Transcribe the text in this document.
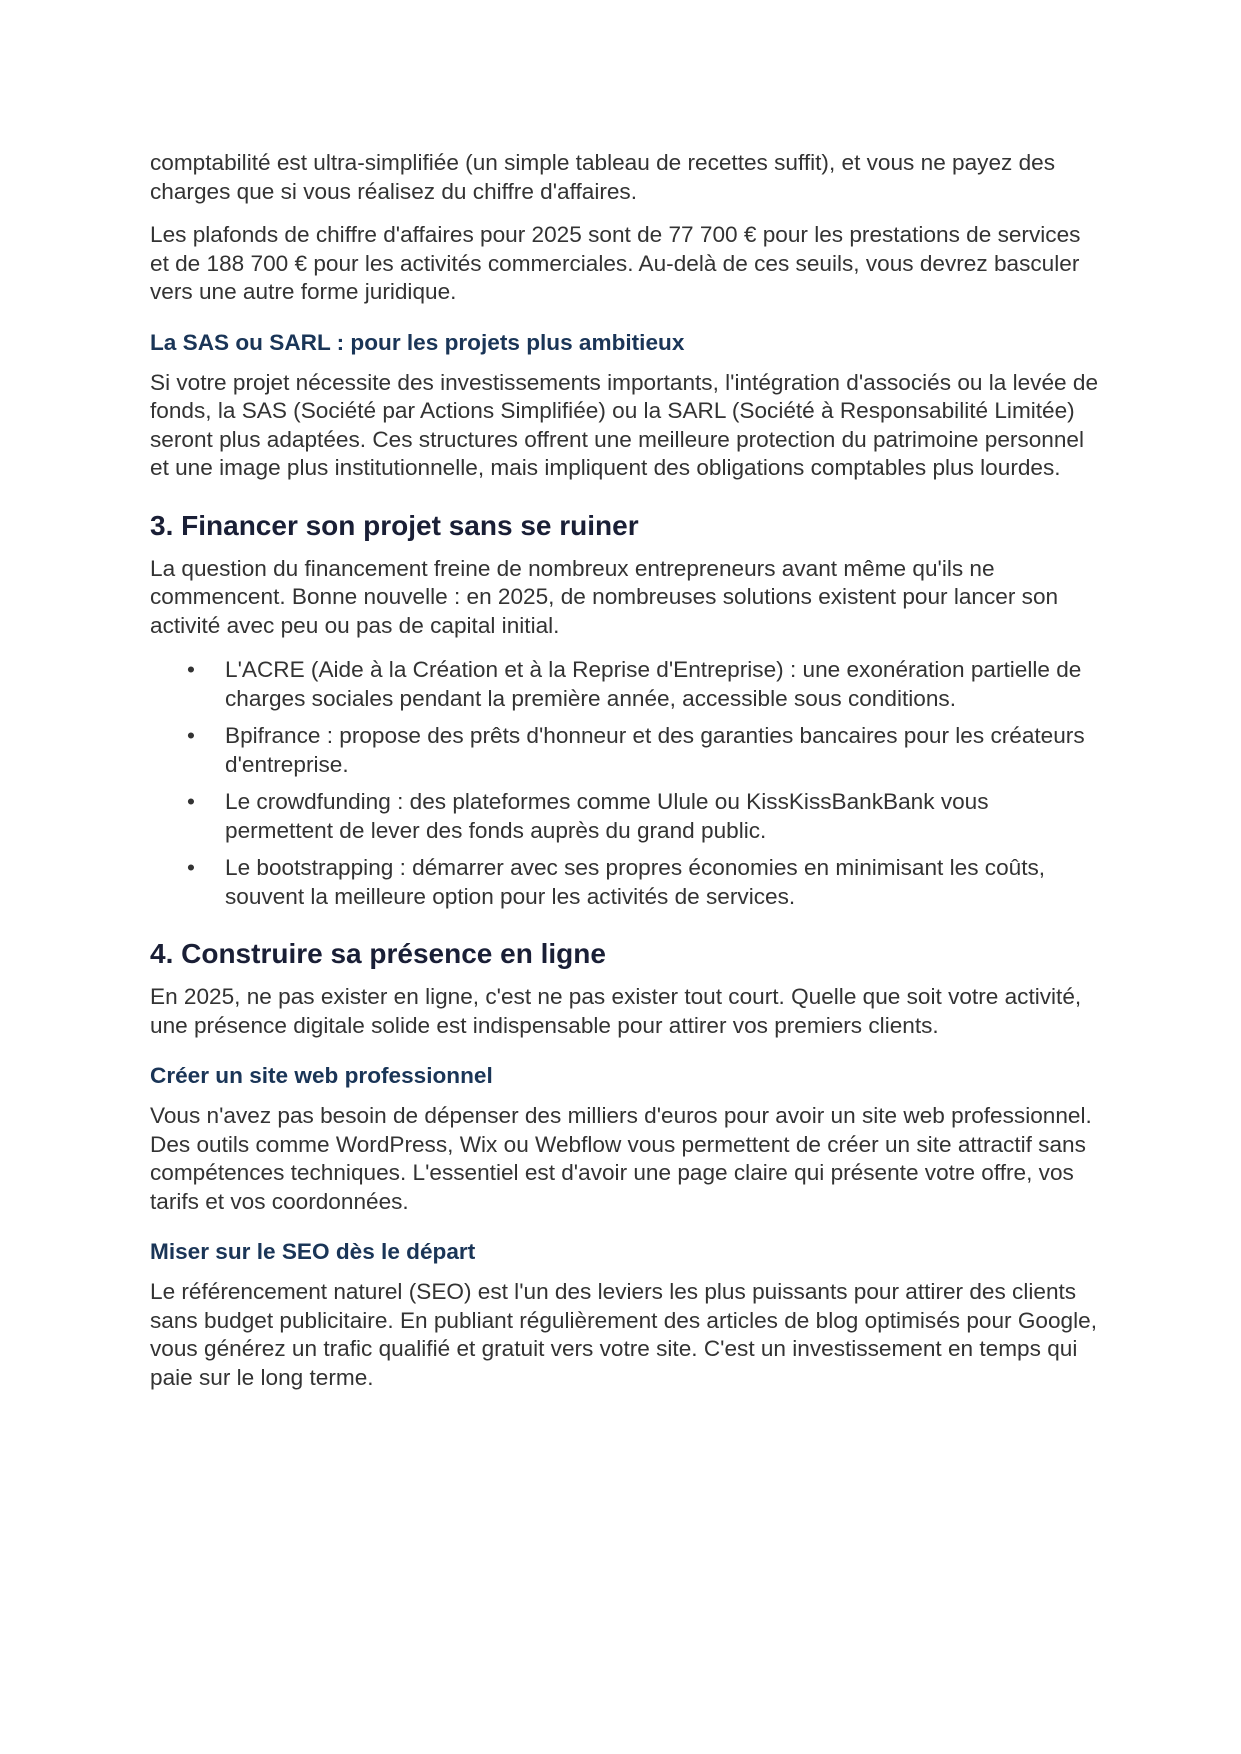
comptabilité est ultra-simplifiée (un simple tableau de recettes suffit), et vous ne payez des charges que si vous réalisez du chiffre d'affaires.

Les plafonds de chiffre d'affaires pour 2025 sont de 77 700 € pour les prestations de services et de 188 700 € pour les activités commerciales. Au-delà de ces seuils, vous devrez basculer vers une autre forme juridique.

La SAS ou SARL : pour les projets plus ambitieux

Si votre projet nécessite des investissements importants, l'intégration d'associés ou la levée de fonds, la SAS (Société par Actions Simplifiée) ou la SARL (Société à Responsabilité Limitée) seront plus adaptées. Ces structures offrent une meilleure protection du patrimoine personnel et une image plus institutionnelle, mais impliquent des obligations comptables plus lourdes.

3. Financer son projet sans se ruiner

La question du financement freine de nombreux entrepreneurs avant même qu'ils ne commencent. Bonne nouvelle : en 2025, de nombreuses solutions existent pour lancer son activité avec peu ou pas de capital initial.

• L'ACRE (Aide à la Création et à la Reprise d'Entreprise) : une exonération partielle de charges sociales pendant la première année, accessible sous conditions.
• Bpifrance : propose des prêts d'honneur et des garanties bancaires pour les créateurs d'entreprise.
• Le crowdfunding : des plateformes comme Ulule ou KissKissBankBank vous permettent de lever des fonds auprès du grand public.
• Le bootstrapping : démarrer avec ses propres économies en minimisant les coûts, souvent la meilleure option pour les activités de services.
4. Construire sa présence en ligne

En 2025, ne pas exister en ligne, c'est ne pas exister tout court. Quelle que soit votre activité, une présence digitale solide est indispensable pour attirer vos premiers clients.

Créer un site web professionnel

Vous n'avez pas besoin de dépenser des milliers d'euros pour avoir un site web professionnel. Des outils comme WordPress, Wix ou Webflow vous permettent de créer un site attractif sans compétences techniques. L'essentiel est d'avoir une page claire qui présente votre offre, vos tarifs et vos coordonnées.

Miser sur le SEO dès le départ

Le référencement naturel (SEO) est l'un des leviers les plus puissants pour attirer des clients sans budget publicitaire. En publiant régulièrement des articles de blog optimisés pour Google, vous générez un trafic qualifié et gratuit vers votre site. C'est un investissement en temps qui paie sur le long terme.
